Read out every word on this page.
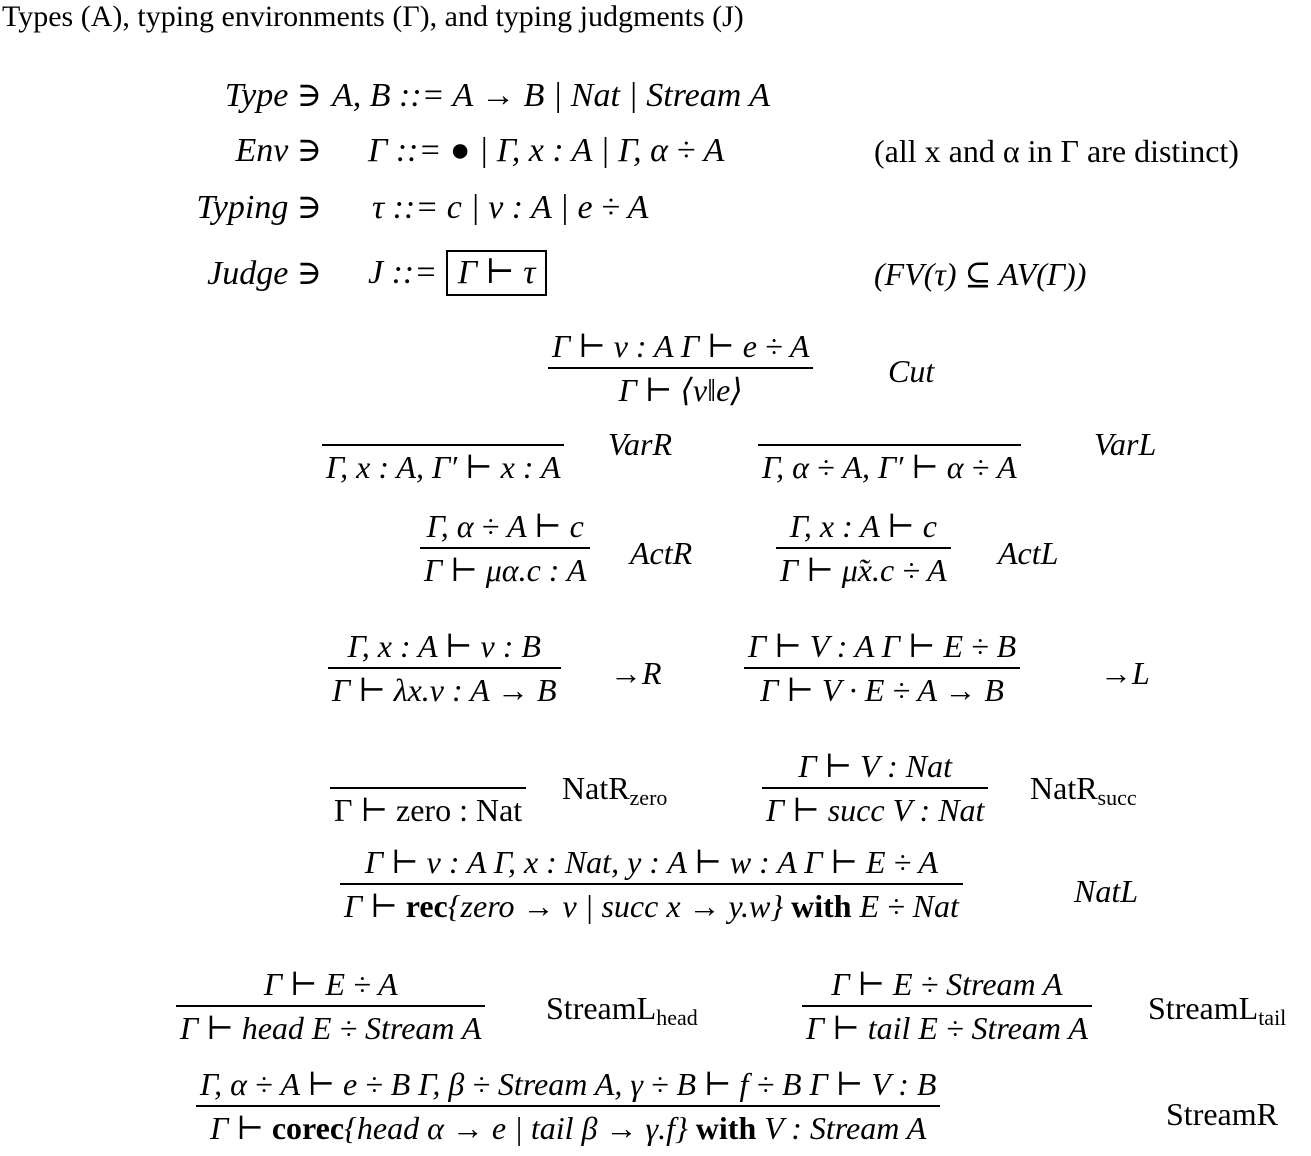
Types (A), typing environments (Γ), and typing judgments (J)
Type ∋ A, B ::= A → B | Nat | Stream A
Env ∋ Γ ::= ● | Γ, x : A | Γ, α ÷ A	(all x and α in Γ are distinct)
Typing ∋ τ ::= c | v : A | e ÷ A
Judge ∋ J ::= Γ ⊢ τ	(FV(τ) ⊆ AV(Γ))
Γ ⊢ v : A Γ ⊢ e ÷ A
Γ ⊢ ⟨v‖e⟩
Cut
Γ, x : A, Γ′ ⊢ x : A
VarR
Γ, α ÷ A, Γ′ ⊢ α ÷ A
VarL
Γ, α ÷ A ⊢ c
Γ ⊢ μα.c : A ActR
Γ, x : A ⊢ c
Γ ⊢ μ̃x.c ÷ A ActL
Γ, x : A ⊢ v : B
Γ ⊢ λx.v : A → B →R
Γ ⊢ V : A Γ ⊢ E ÷ B
Γ ⊢ V · E ÷ A → B	→L
Γ ⊢ zero : Nat
NatR$_{zero}$
Γ ⊢ V : Nat
Γ ⊢ succ V : Nat
NatR$_{succ}$
Γ ⊢ v : A Γ, x : Nat, y : A ⊢ w : A Γ ⊢ E ÷ A
Γ ⊢ rec{zero → v | succ x → y.w} with E ÷ Nat	NatL
Γ ⊢ E ÷ A
Γ ⊢ head E ÷ Stream A
StreamL$_{head}$
Γ ⊢ E ÷ Stream A
Γ ⊢ tail E ÷ Stream A
StreamL$_{tail}$
Γ, α ÷ A ⊢ e ÷ B Γ, β ÷ Stream A, γ ÷ B ⊢ f ÷ B Γ ⊢ V : B
Γ ⊢ corec{head α → e | tail β → γ.f} with V : Stream A	StreamR
